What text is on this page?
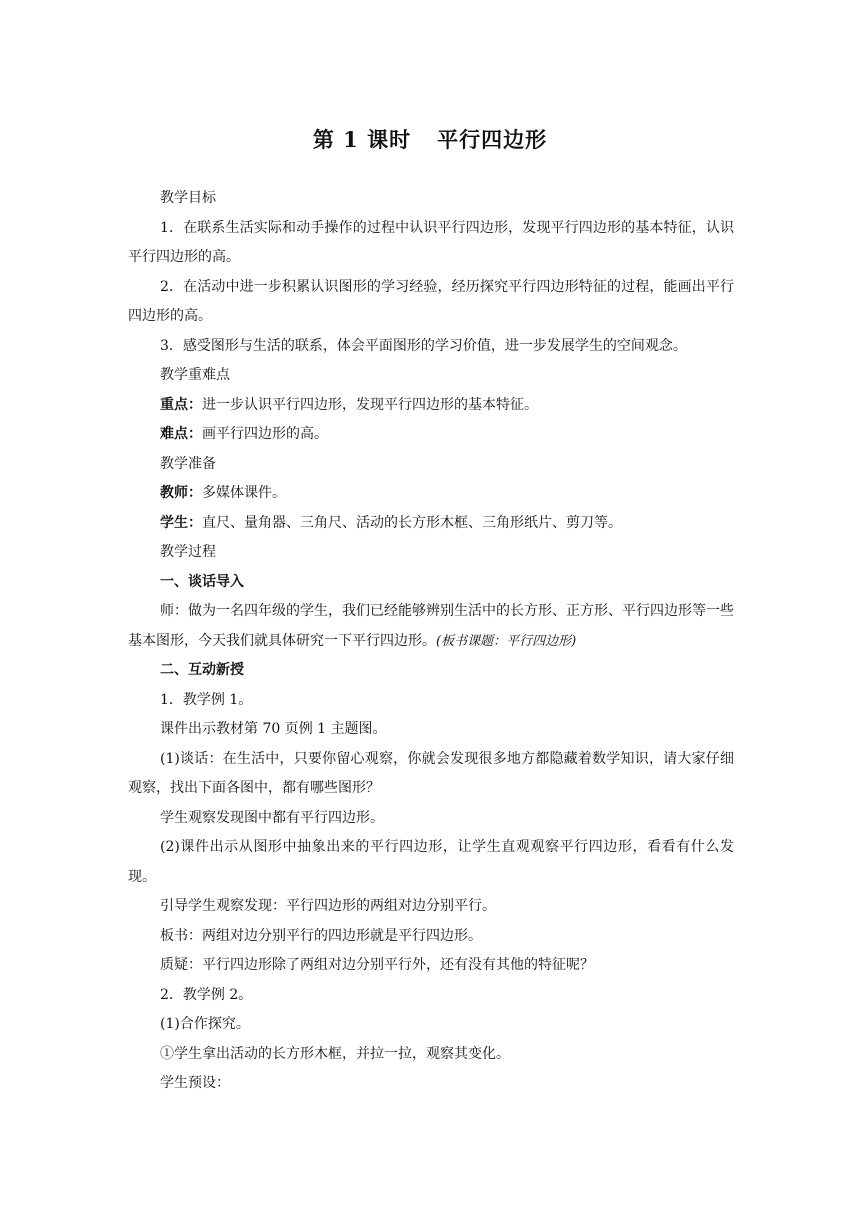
第 1 课时 平行四边形

教学目标

1．在联系生活实际和动手操作的过程中认识平行四边形，发现平行四边形的基本特征，认识平行四边形的高。

2．在活动中进一步积累认识图形的学习经验，经历探究平行四边形特征的过程，能画出平行四边形的高。

3．感受图形与生活的联系，体会平面图形的学习价值，进一步发展学生的空间观念。

教学重难点

重点：进一步认识平行四边形，发现平行四边形的基本特征。

难点：画平行四边形的高。

教学准备

教师：多媒体课件。

学生：直尺、量角器、三角尺、活动的长方形木框、三角形纸片、剪刀等。

教学过程

一、谈话导入

师：做为一名四年级的学生，我们已经能够辨别生活中的长方形、正方形、平行四边形等一些基本图形，今天我们就具体研究一下平行四边形。(板书课题：平行四边形)

二、互动新授

1．教学例 1。

课件出示教材第 70 页例 1 主题图。

(1)谈话：在生活中，只要你留心观察，你就会发现很多地方都隐藏着数学知识，请大家仔细观察，找出下面各图中，都有哪些图形？

学生观察发现图中都有平行四边形。

(2)课件出示从图形中抽象出来的平行四边形，让学生直观观察平行四边形，看看有什么发现。

引导学生观察发现：平行四边形的两组对边分别平行。

板书：两组对边分别平行的四边形就是平行四边形。

质疑：平行四边形除了两组对边分别平行外，还有没有其他的特征呢？

2．教学例 2。

(1)合作探究。

①学生拿出活动的长方形木框，并拉一拉，观察其变化。

学生预设：
